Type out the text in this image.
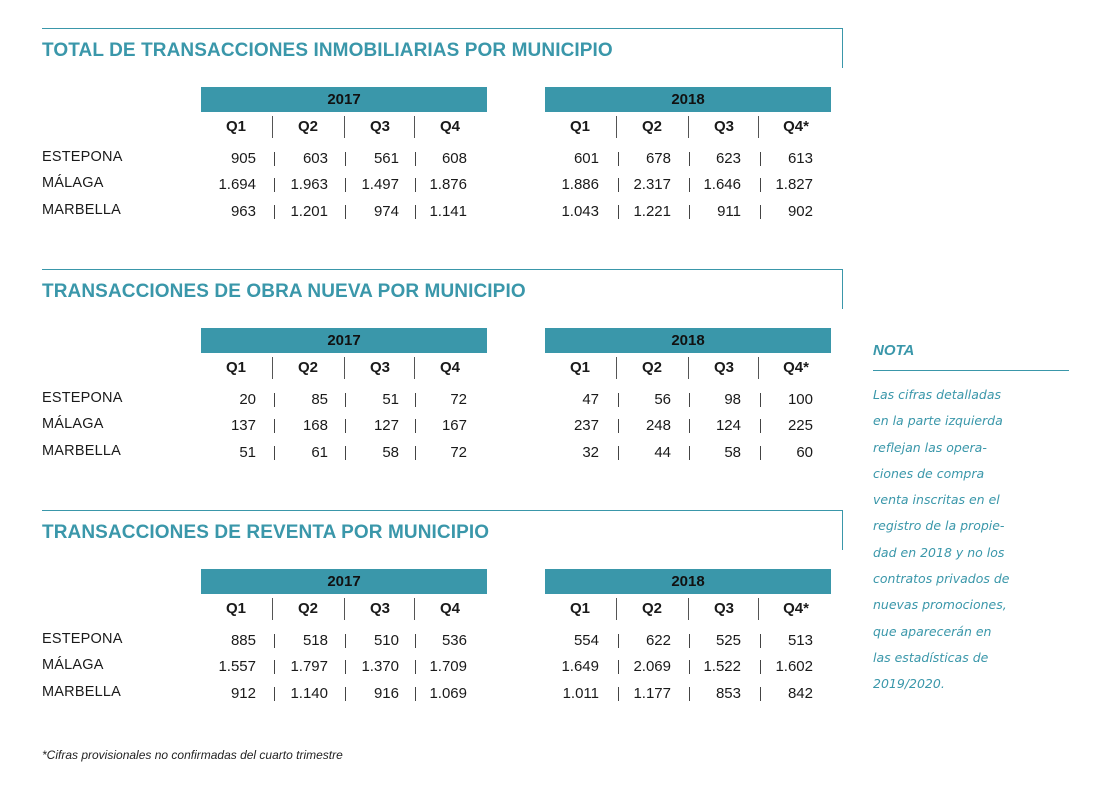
TOTAL DE TRANSACCIONES INMOBILIARIAS POR MUNICIPIO
2017	2018
Q1	Q2	Q3	Q4	Q1	Q2	Q3	Q4*
ESTEPONA	905	603	561	608	601	678	623	613
MÁLAGA	1.694	1.963	1.497	1.876	1.886	2.317	1.646	1.827
MARBELLA	963	1.201	974	1.141	1.043	1.221	911	902
TRANSACCIONES DE OBRA NUEVA POR MUNICIPIO
2017	2018
Q1	Q2	Q3	Q4	Q1	Q2	Q3	Q4*
ESTEPONA	20	85	51	72	47	56	98	100
MÁLAGA	137	168	127	167	237	248	124	225
MARBELLA	51	61	58	72	32	44	58	60
TRANSACCIONES DE REVENTA POR MUNICIPIO
2017	2018
Q1	Q2	Q3	Q4	Q1	Q2	Q3	Q4*
ESTEPONA	885	518	510	536	554	622	525	513
MÁLAGA	1.557	1.797	1.370	1.709	1.649	2.069	1.522	1.602
MARBELLA	912	1.140	916	1.069	1.011	1.177	853	842

NOTA

Las cifras detalladas
en la parte izquierda
reflejan las opera-
ciones de compra
venta inscritas en el
registro de la propie-
dad en 2018 y no los
contratos privados de
nuevas promociones,
que aparecerán en
las estadísticas de
2019/2020.
*Cifras provisionales no confirmadas del cuarto trimestre
